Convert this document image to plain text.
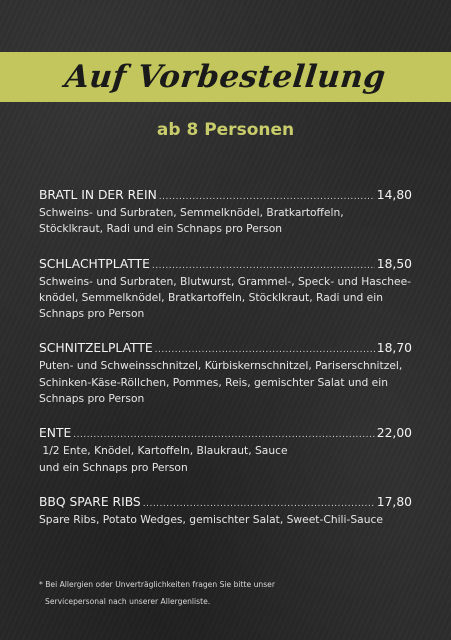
Auf Vorbestellung
ab 8 Personen
BRATL IN DER REIN .....	14,80
Schweins- und Surbraten, Semmelknödel, Bratkartoffeln,
Stöcklkraut, Radi und ein Schnaps pro Person
SCHLACHTPLATTE .....	18,50
Schweins- und Surbraten, Blutwurst, Grammel-, Speck- und Haschee-
knödel, Semmelknödel, Bratkartoffeln, Stöcklkraut, Radi und ein
Schnaps pro Person
SCHNITZELPLATTE .....	18,70
Puten- und Schweinsschnitzel, Kürbiskernschnitzel, Pariserschnitzel,
Schinken-Käse-Röllchen, Pommes, Reis, gemischter Salat und ein
Schnaps pro Person
ENTE .....	22,00
1/2 Ente, Knödel, Kartoffeln, Blaukraut, Sauce
und ein Schnaps pro Person
BBQ SPARE RIBS .....	17,80
Spare Ribs, Potato Wedges, gemischter Salat, Sweet-Chili-Sauce
* Bei Allergien oder Unverträglichkeiten fragen Sie bitte unser
Servicepersonal nach unserer Allergenliste.
